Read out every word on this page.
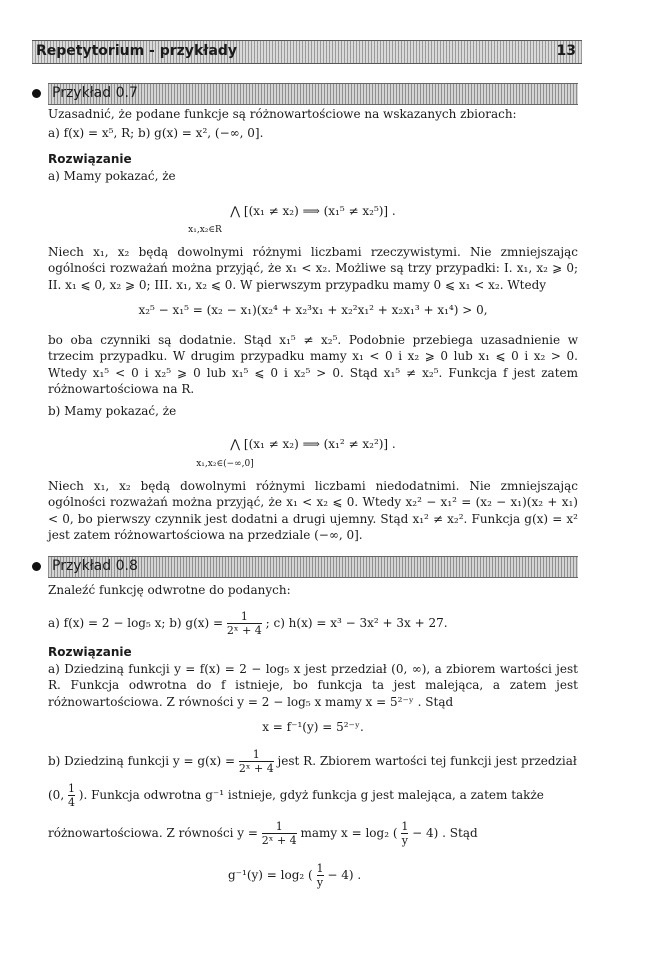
Repetytorium - przykłady	13
Przykład 0.7
Uzasadnić, że podane funkcje są różnowartościowe na wskazanych zbiorach:
a) f(x) = x⁵, R; b) g(x) = x², (−∞, 0].
Rozwiązanie
a) Mamy pokazać, że
⋀ [(x₁ ≠ x₂) ⟹ (x₁⁵ ≠ x₂⁵)] .
x₁,x₂∈R
Niech x₁, x₂ będą dowolnymi różnymi liczbami rzeczywistymi. Nie zmniejszając ogólności rozważań można przyjąć, że x₁ < x₂. Możliwe są trzy przypadki: I. x₁, x₂ ⩾ 0; II. x₁ ⩽ 0, x₂ ⩾ 0; III. x₁, x₂ ⩽ 0. W pierwszym przypadku mamy 0 ⩽ x₁ < x₂. Wtedy
x₂⁵ − x₁⁵ = (x₂ − x₁)(x₂⁴ + x₂³x₁ + x₂²x₁² + x₂x₁³ + x₁⁴) > 0,
bo oba czynniki są dodatnie. Stąd x₁⁵ ≠ x₂⁵. Podobnie przebiega uzasadnienie w trzecim przypadku. W drugim przypadku mamy x₁ < 0 i x₂ ⩾ 0 lub x₁ ⩽ 0 i x₂ > 0. Wtedy x₁⁵ < 0 i x₂⁵ ⩾ 0 lub x₁⁵ ⩽ 0 i x₂⁵ > 0. Stąd x₁⁵ ≠ x₂⁵. Funkcja f jest zatem różnowartościowa na R.
b) Mamy pokazać, że
⋀ [(x₁ ≠ x₂) ⟹ (x₁² ≠ x₂²)] .
x₁,x₂∈(−∞,0]
Niech x₁, x₂ będą dowolnymi różnymi liczbami niedodatnimi. Nie zmniejszając ogólności rozważań można przyjąć, że x₁ < x₂ ⩽ 0. Wtedy x₂² − x₁² = (x₂ − x₁)(x₂ + x₁) < 0, bo pierwszy czynnik jest dodatni a drugi ujemny. Stąd x₁² ≠ x₂². Funkcja g(x) = x² jest zatem różnowartościowa na przedziale (−∞, 0].
Przykład 0.8
Znaleźć funkcję odwrotne do podanych:
a) f(x) = 2 − log₅ x; b) $g(x) = \frac{1}{\text{2ˣ + 4}}$ ; c) h(x) = x³ − 3x² + 3x + 27.
Rozwiązanie
a) Dziedziną funkcji y = f(x) = 2 − log₅ x jest przedział (0, ∞), a zbiorem wartości jest R. Funkcja odwrotna do f istnieje, bo funkcja ta jest malejąca, a zatem jest różnowartościowa. Z równości y = 2 − log₅ x mamy x = 5²⁻ʸ . Stąd
x = f⁻¹(y) = 5²⁻ʸ.
b) Dziedziną funkcji $y = g(x) = \frac{1}{\text{2ˣ + 4}}$ jest R. Zbiorem wartości tej funkcji jest przedział
(0, $\frac{1}{4}$ ). Funkcja odwrotna g⁻¹ istnieje, gdyż funkcja g jest malejąca, a zatem także
różnowartościowa. Z równości $y = \frac{1}{\text{2ˣ + 4}}$ mamy x = log₂ ( $\frac{1}{y} - 4$) . Stąd
g⁻¹(y) = log₂ ( $\frac{1}{y} - 4$) .
